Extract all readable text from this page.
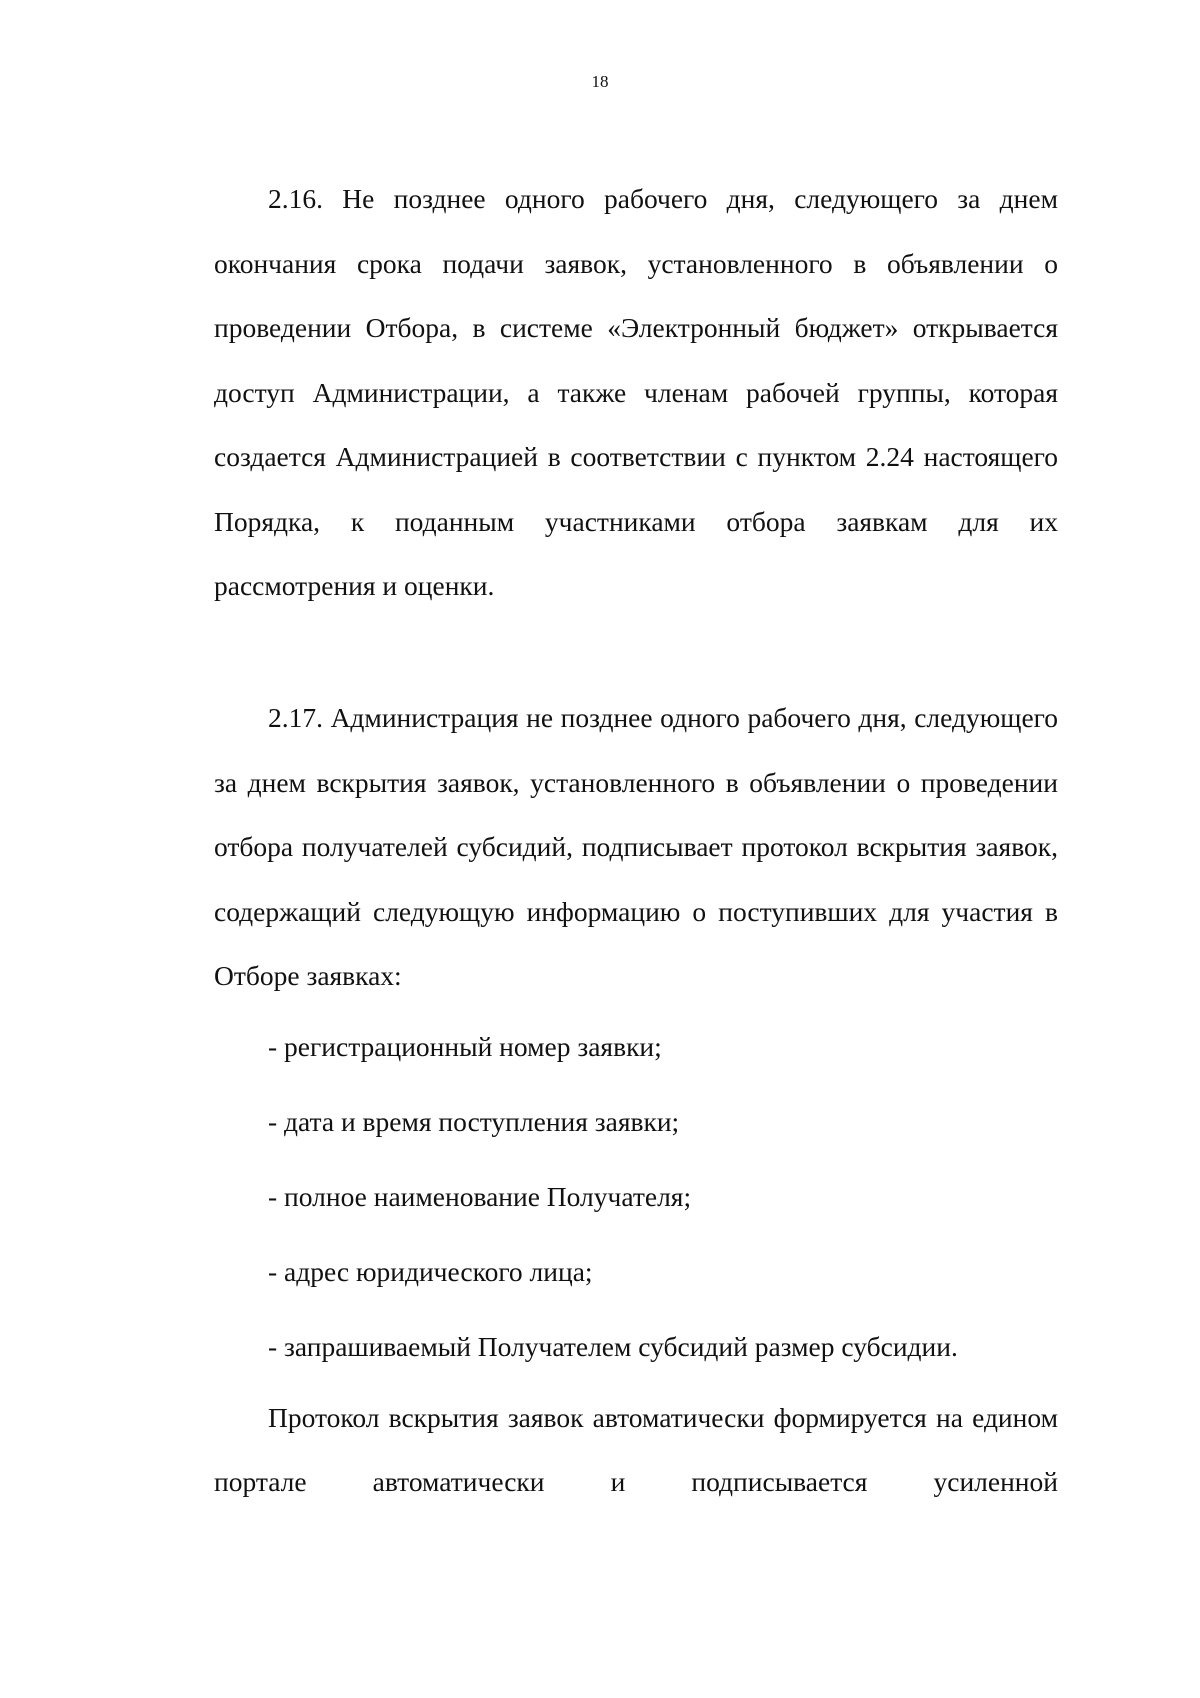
18

2.16. Не позднее одного рабочего дня, следующего за днем окончания срока подачи заявок, установленного в объявлении о проведении Отбора, в системе «Электронный бюджет» открывается доступ Администрации, а также членам рабочей группы, которая создается Администрацией в соответствии с пунктом 2.24 настоящего Порядка, к поданным участниками отбора заявкам для их рассмотрения и оценки.

2.17. Администрация не позднее одного рабочего дня, следующего за днем вскрытия заявок, установленного в объявлении о проведении отбора получателей субсидий, подписывает протокол вскрытия заявок, содержащий следующую информацию о поступивших для участия в Отборе заявках:

- регистрационный номер заявки;
- дата и время поступления заявки;
- полное наименование Получателя;
- адрес юридического лица;
- запрашиваемый Получателем субсидий размер субсидии.

Протокол вскрытия заявок автоматически формируется на едином портале автоматически и подписывается усиленной
